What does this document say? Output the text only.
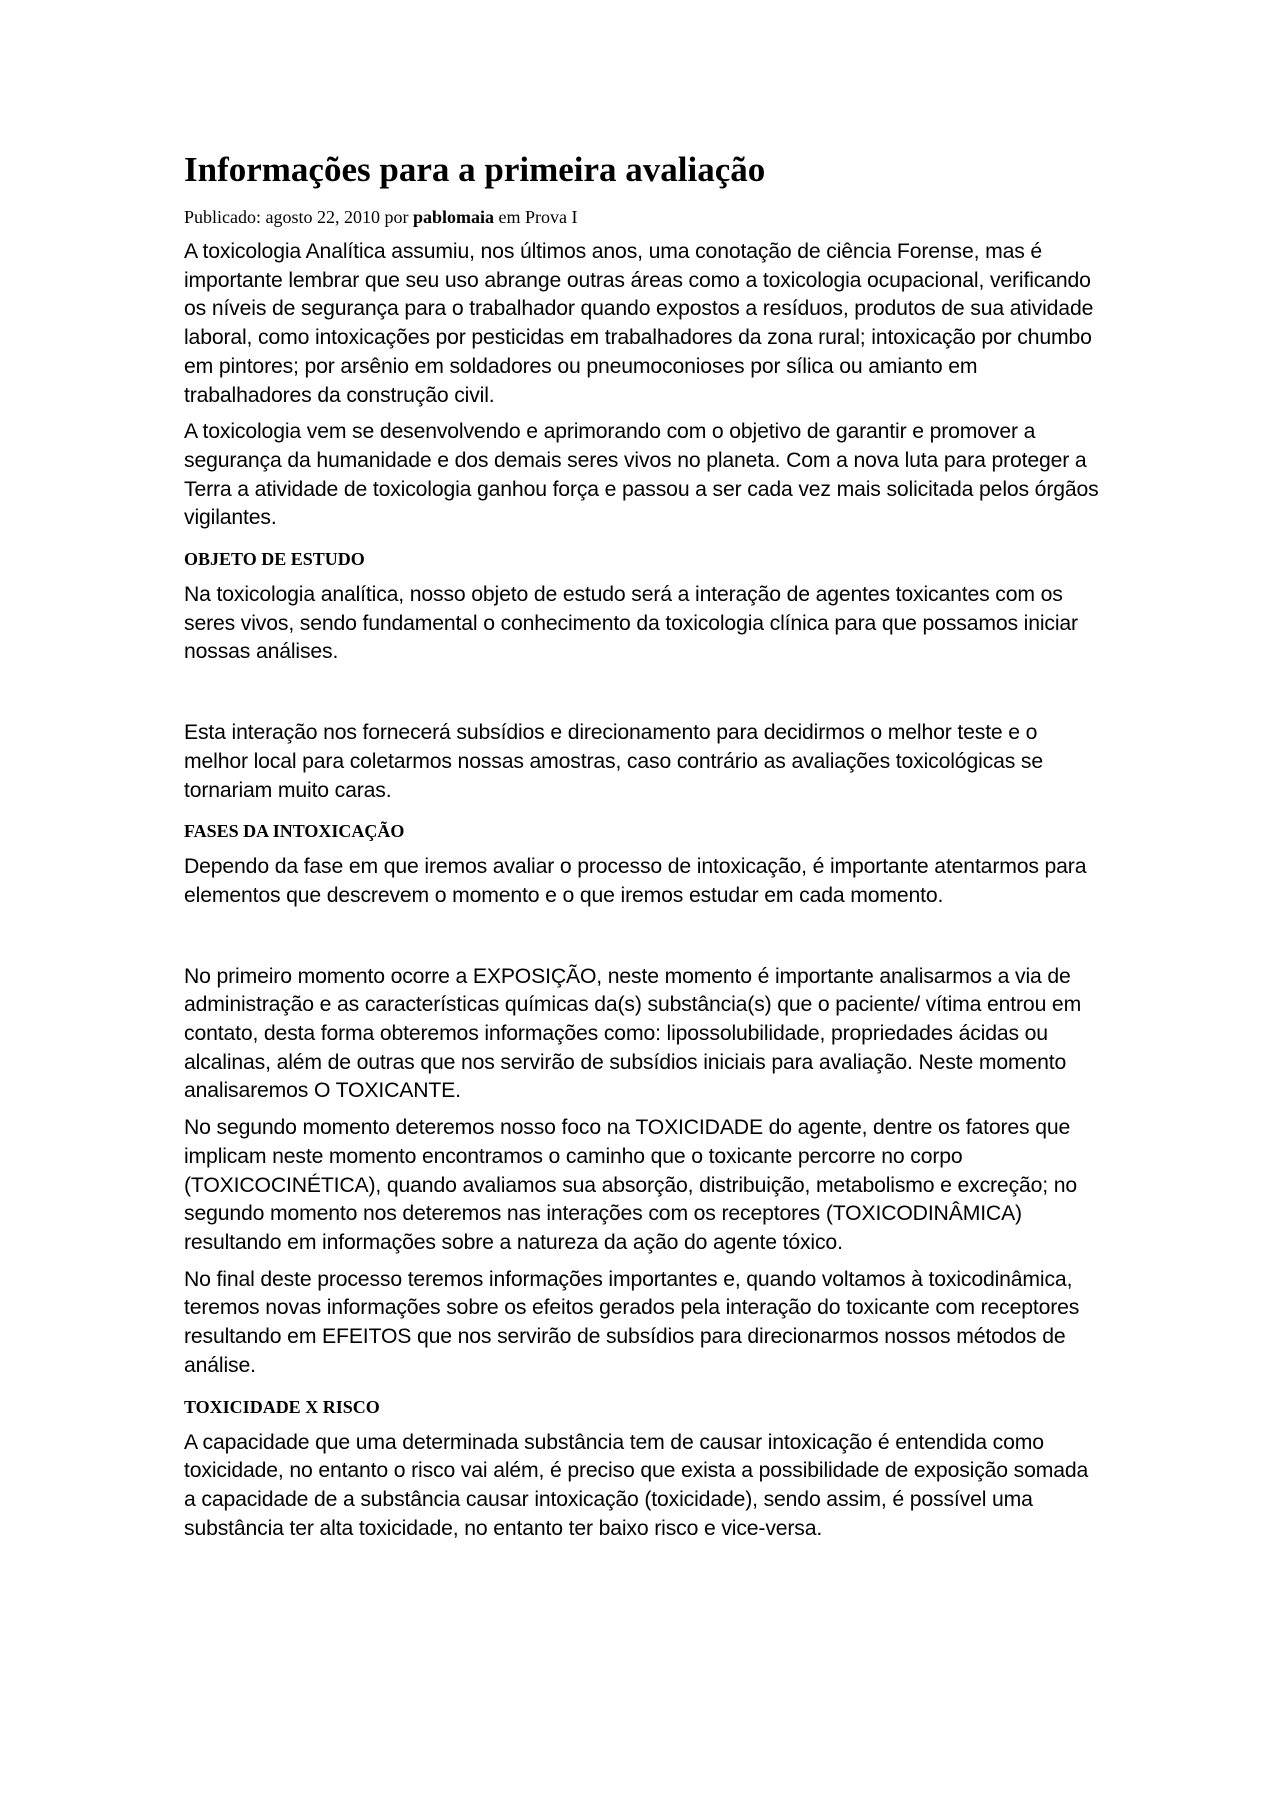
Informações para a primeira avaliação
Publicado: agosto 22, 2010 por pablomaia em Prova I

A toxicologia Analítica assumiu, nos últimos anos, uma conotação de ciência Forense, mas é importante lembrar que seu uso abrange outras áreas como a toxicologia ocupacional, verificando os níveis de segurança para o trabalhador quando expostos a resíduos, produtos de sua atividade laboral, como intoxicações por pesticidas em trabalhadores da zona rural; intoxicação por chumbo em pintores; por arsênio em soldadores ou pneumoconioses por sílica ou amianto em trabalhadores da construção civil.

A toxicologia vem se desenvolvendo e aprimorando com o objetivo de garantir e promover a segurança da humanidade e dos demais seres vivos no planeta. Com a nova luta para proteger a Terra a atividade de toxicologia ganhou força e passou a ser cada vez mais solicitada pelos órgãos vigilantes.

OBJETO DE ESTUDO

Na toxicologia analítica, nosso objeto de estudo será a interação de agentes toxicantes com os seres vivos, sendo fundamental o conhecimento da toxicologia clínica para que possamos iniciar nossas análises.

Esta interação nos fornecerá subsídios e direcionamento para decidirmos o melhor teste e o melhor local para coletarmos nossas amostras, caso contrário as avaliações toxicológicas se tornariam muito caras.

FASES DA INTOXICAÇÃO

Dependo da fase em que iremos avaliar o processo de intoxicação, é importante atentarmos para elementos que descrevem o momento e o que iremos estudar em cada momento.

No primeiro momento ocorre a EXPOSIÇÃO, neste momento é importante analisarmos a via de administração e as características químicas da(s) substância(s) que o paciente/ vítima entrou em contato, desta forma obteremos informações como: lipossolubilidade, propriedades ácidas ou alcalinas, além de outras que nos servirão de subsídios iniciais para avaliação. Neste momento analisaremos O TOXICANTE.

No segundo momento deteremos nosso foco na TOXICIDADE do agente, dentre os fatores que implicam neste momento encontramos o caminho que o toxicante percorre no corpo (TOXICOCINÉTICA), quando avaliamos sua absorção, distribuição, metabolismo e excreção; no segundo momento nos deteremos nas interações com os receptores (TOXICODINÂMICA) resultando em informações sobre a natureza da ação do agente tóxico.

No final deste processo teremos informações importantes e, quando voltamos à toxicodinâmica, teremos novas informações sobre os efeitos gerados pela interação do toxicante com receptores resultando em EFEITOS que nos servirão de subsídios para direcionarmos nossos métodos de análise.

TOXICIDADE X RISCO

A capacidade que uma determinada substância tem de causar intoxicação é entendida como toxicidade, no entanto o risco vai além, é preciso que exista a possibilidade de exposição somada a capacidade de a substância causar intoxicação (toxicidade), sendo assim, é possível uma substância ter alta toxicidade, no entanto ter baixo risco e vice-versa.
